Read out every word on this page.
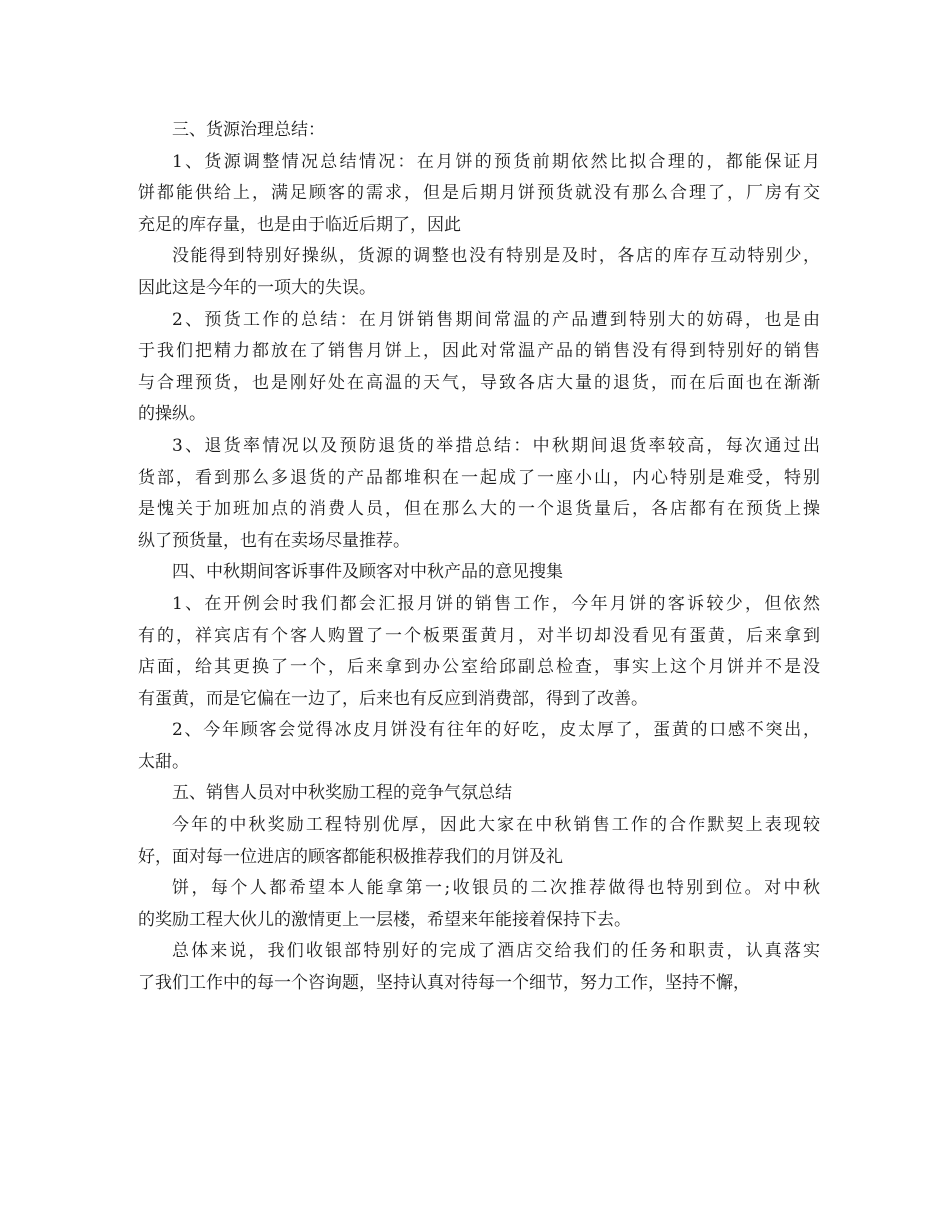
三、货源治理总结：
1、货源调整情况总结情况：在月饼的预货前期依然比拟合理的，都能保证月
饼都能供给上，满足顾客的需求，但是后期月饼预货就没有那么合理了，厂房有交
充足的库存量，也是由于临近后期了，因此
没能得到特别好操纵，货源的调整也没有特别是及时，各店的库存互动特别少，
因此这是今年的一项大的失误。
2、预货工作的总结：在月饼销售期间常温的产品遭到特别大的妨碍，也是由
于我们把精力都放在了销售月饼上，因此对常温产品的销售没有得到特别好的销售
与合理预货，也是刚好处在高温的天气，导致各店大量的退货，而在后面也在渐渐
的操纵。
3、退货率情况以及预防退货的举措总结：中秋期间退货率较高，每次通过出
货部，看到那么多退货的产品都堆积在一起成了一座小山，内心特别是难受，特别
是愧关于加班加点的消费人员，但在那么大的一个退货量后，各店都有在预货上操
纵了预货量，也有在卖场尽量推荐。
四、中秋期间客诉事件及顾客对中秋产品的意见搜集
1、在开例会时我们都会汇报月饼的销售工作，今年月饼的客诉较少，但依然
有的，祥宾店有个客人购置了一个板栗蛋黄月，对半切却没看见有蛋黄，后来拿到
店面，给其更换了一个，后来拿到办公室给邱副总检查，事实上这个月饼并不是没
有蛋黄，而是它偏在一边了，后来也有反应到消费部，得到了改善。
2、今年顾客会觉得冰皮月饼没有往年的好吃，皮太厚了，蛋黄的口感不突出，
太甜。
五、销售人员对中秋奖励工程的竞争气氛总结
今年的中秋奖励工程特别优厚，因此大家在中秋销售工作的合作默契上表现较
好，面对每一位进店的顾客都能积极推荐我们的月饼及礼
饼，每个人都希望本人能拿第一;收银员的二次推荐做得也特别到位。对中秋
的奖励工程大伙儿的激情更上一层楼，希望来年能接着保持下去。
总体来说，我们收银部特别好的完成了酒店交给我们的任务和职责，认真落实
了我们工作中的每一个咨询题，坚持认真对待每一个细节，努力工作，坚持不懈，
